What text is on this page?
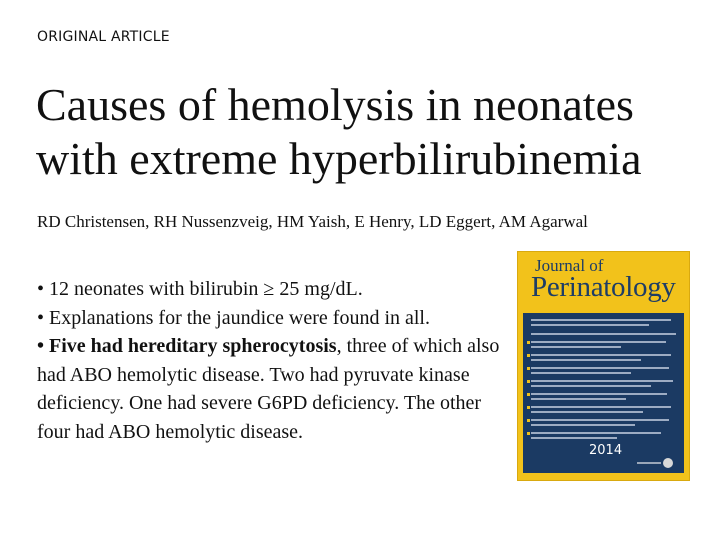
ORIGINAL ARTICLE
Causes of hemolysis in neonates
with extreme hyperbilirubinemia
RD Christensen, RH Nussenzveig, HM Yaish, E Henry, LD Eggert, AM Agarwal

• 12 neonates with bilirubin ≥ 25 mg/dL.

• Explanations for the jaundice were found in all.

• Five had hereditary spherocytosis, three of which also had ABO hemolytic disease. Two had pyruvate kinase deficiency. One had severe G6PD deficiency. The other four had ABO hemolytic disease.

Journal of
Perinatology
2014
